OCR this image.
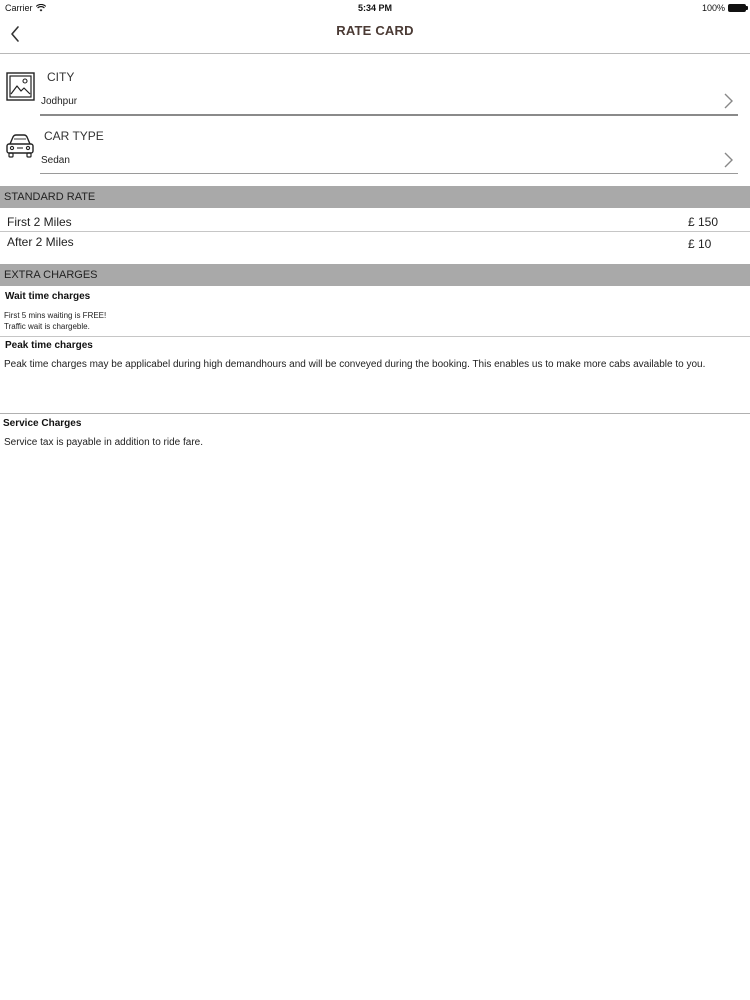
Carrier	5:34 PM	100%
RATE CARD
CITY
Jodhpur
CAR TYPE
Sedan
STANDARD RATE
First 2 Miles	£ 150
After 2 Miles	£ 10
EXTRA CHARGES
Wait time charges
First 5 mins waiting is FREE!
Traffic wait is chargeble.
Peak time charges
Peak time charges may be applicabel during high demandhours and will be conveyed during the booking. This enables us to make more cabs available to you.
Service Charges
Service tax is payable in addition to ride fare.
